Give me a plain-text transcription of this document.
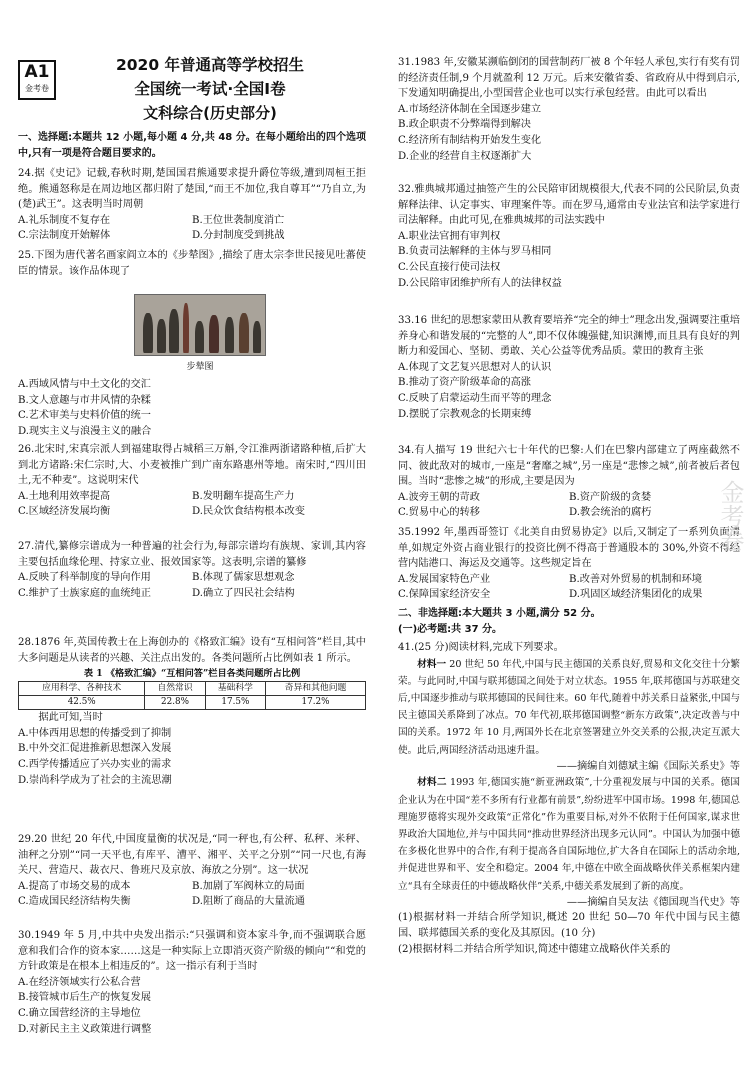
A1
金考卷
2020 年普通高等学校招生
全国统一考试·全国Ⅰ卷
文科综合(历史部分)

一、选择题:本题共 12 小题,每小题 4 分,共 48 分。在每小题给出的四个选项中,只有一项是符合题目要求的。

24.据《史记》记载,春秋时期,楚国国君熊通要求提升爵位等级,遭到周桓王拒绝。熊通怒称是在周边地区都归附了楚国,“而王不加位,我自尊耳”“乃自立,为(楚)武王”。这表明当时周朝

A.礼乐制度不复存在	B.王位世袭制度消亡
C.宗法制度开始解体	D.分封制度受到挑战

25.下图为唐代著名画家阎立本的《步辇图》,描绘了唐太宗李世民接见吐蕃使臣的情景。该作品体现了

步辇图
A.西域风情与中土文化的交汇
B.文人意趣与市井风情的杂糅
C.艺术审美与史料价值的统一
D.现实主义与浪漫主义的融合

26.北宋时,宋真宗派人到福建取得占城稻三万斛,令江淮两浙诸路种植,后扩大到北方诸路:宋仁宗时,大、小麦被推广到广南东路惠州等地。南宋时,“四川田土,无不种麦”。这说明宋代

A.土地利用效率提高	B.发明翻车提高生产力
C.区域经济发展均衡	D.民众饮食结构根本改变

27.清代,纂修宗谱成为一种普遍的社会行为,每部宗谱均有族规、家训,其内容主要包括血缘伦理、持家立业、报效国家等。这表明,宗谱的纂修

A.反映了科举制度的导向作用	B.体现了儒家思想观念
C.维护了士族家庭的血统纯正	D.确立了四民社会结构

28.1876 年,英国传教士在上海创办的《格致汇编》设有“互相问答”栏目,其中大多问题是从读者的兴趣、关注点出发的。各类问题所占比例如表 1 所示。

表 1 《格致汇编》“互相问答”栏目各类问题所占比例

应用科学、各种技术	自然常识	基础科学	奇异和其他问题
42.5%	22.8%	17.5%	17.2%

据此可知,当时

A.中体西用思想的传播受到了抑制
B.中外交汇促进推新思想深入发展
C.西学传播适应了兴办实业的需求
D.崇尚科学成为了社会的主流思潮

29.20 世纪 20 年代,中国度量衡的状况是,“同一秤也,有公秤、私秤、米秤、油秤之分别”“同一天平也,有库平、漕平、湘平、关平之分别”“同一尺也,有海关尺、营造尺、裁衣尺、鲁班尺及京放、海放之分别”。这一状况

A.提高了市场交易的成本	B.加剧了军阀林立的局面
C.造成国民经济结构失衡	D.阻断了商品的大量流通

30.1949 年 5 月,中共中央发出指示:“只强调和资本家斗争,而不强调联合愿意和我们合作的资本家……这是一种实际上立即消灭资产阶级的倾向”“和党的方针政策是在根本上相违反的”。这一指示有利于当时

A.在经济领域实行公私合营
B.接管城市后生产的恢复发展
C.确立国营经济的主导地位
D.对新民主主义政策进行调整

31.1983 年,安徽某濒临倒闭的国营制药厂被 8 个年轻人承包,实行有奖有罚的经济责任制,9 个月就盈利 12 万元。后来安徽省委、省政府从中得到启示,下发通知明确提出,小型国营企业也可以实行承包经营。由此可以看出

A.市场经济体制在全国逐步建立
B.政企职责不分弊端得到解决
C.经济所有制结构开始发生变化
D.企业的经营自主权逐渐扩大

32.雅典城邦通过抽签产生的公民陪审团规模很大,代表不同的公民阶层,负责解释法律、认定事实、审理案件等。而在罗马,通常由专业法官和法学家进行司法解释。由此可见,在雅典城邦的司法实践中

A.职业法官拥有审判权
B.负责司法解释的主体与罗马相同
C.公民直接行使司法权
D.公民陪审团维护所有人的法律权益

33.16 世纪的思想家蒙田从教育要培养“完全的绅士”理念出发,强调要注重培养身心和谐发展的“完整的人”,即不仅体魄强健,知识渊博,而且具有良好的判断力和爱国心、坚韧、勇敢、关心公益等优秀品质。蒙田的教育主张

A.体现了文艺复兴思想对人的认识
B.推动了资产阶级革命的高涨
C.反映了启蒙运动生而平等的理念
D.摆脱了宗教观念的长期束缚

34.有人描写 19 世纪六七十年代的巴黎:人们在巴黎内部建立了两座截然不同、彼此敌对的城市,一座是“奢靡之城”,另一座是“悲惨之城”,前者被后者包围。当时“悲惨之城”的形成,主要是因为

A.波旁王朝的苛政	B.资产阶级的贪婪
C.贸易中心的转移	D.教会统治的腐朽

35.1992 年,墨西哥签订《北美自由贸易协定》以后,又制定了一系列负面清单,如规定外资占商业银行的投资比例不得高于普通股本的 30%,外资不得经营内陆港口、海运及交通等。这些规定旨在

A.发展国家特色产业	B.改善对外贸易的机制和环境
C.保障国家经济安全	D.巩固区域经济集团化的成果

二、非选择题:本大题共 3 小题,满分 52 分。

(一)必考题:共 37 分。

41.(25 分)阅读材料,完成下列要求。

材料一 20 世纪 50 年代,中国与民主德国的关系良好,贸易和文化交往十分繁荣。与此同时,中国与联邦德国之间处于对立状态。1955 年,联邦德国与苏联建交后,中国逐步推动与联邦德国的民间往来。60 年代,随着中苏关系日益紧张,中国与民主德国关系降到了冰点。70 年代初,联邦德国调整“新东方政策”,决定改善与中国的关系。1972 年 10 月,两国外长在北京签署建立外交关系的公报,决定互派大使。此后,两国经济活动迅速升温。

——摘编自刘德斌主编《国际关系史》等

材料二 1993 年,德国实施“新亚洲政策”,十分重视发展与中国的关系。德国企业认为在中国“差不多所有行业都有前景”,纷纷进军中国市场。1998 年,德国总理施罗德将实现外交政策“正常化”作为重要目标,对外不依附于任何国家,谋求世界政治大国地位,并与中国共同“推动世界经济出现多元认同”。中国认为加强中德在多极化世界中的合作,有利于提高各自国际地位,扩大各自在国际上的活动余地,并促进世界和平、安全和稳定。2004 年,中德在中欧全面战略伙伴关系框架内建立“具有全球责任的中德战略伙伴”关系,中德关系发展到了新的高度。

——摘编自吴友法《德国现当代史》等

(1)根据材料一并结合所学知识,概述 20 世纪 50—70 年代中国与民主德国、联邦德国关系的变化及其原因。(10 分)

(2)根据材料二并结合所学知识,简述中德建立战略伙伴关系的

金考卷
